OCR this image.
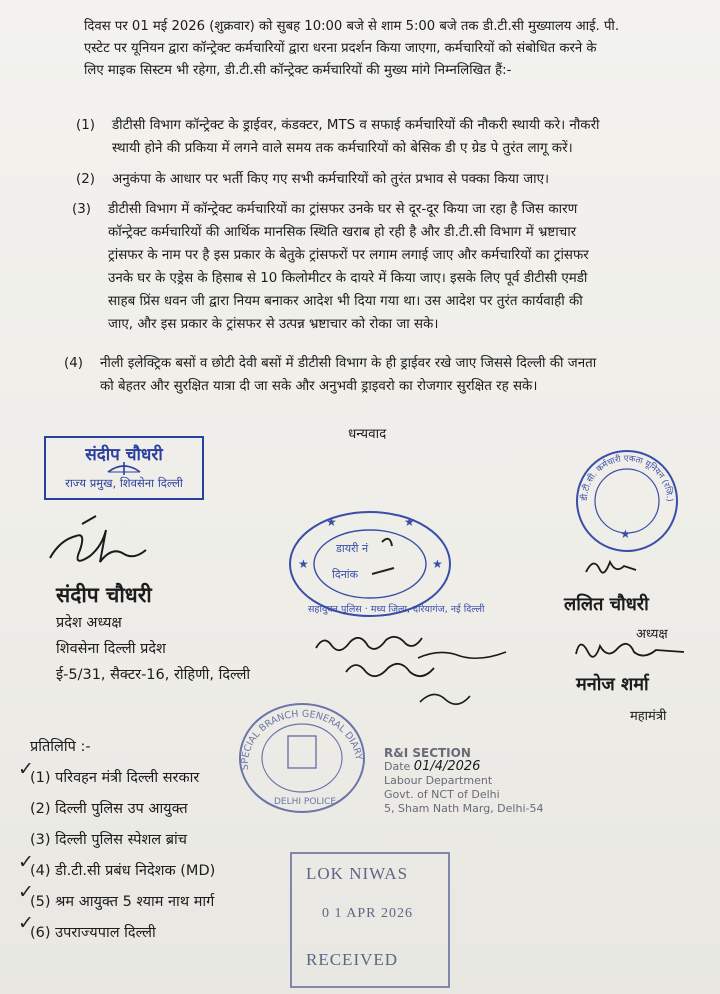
दिवस पर 01 मई 2026 (शुक्रवार) को सुबह 10:00 बजे से शाम 5:00 बजे तक डी.टी.सी मुख्यालय आई. पी.
एस्टेट पर यूनियन द्वारा कॉन्ट्रेक्ट कर्मचारियों द्वारा धरना प्रदर्शन किया जाएगा, कर्मचारियों को संबोधित करने के
लिए माइक सिस्टम भी रहेगा, डी.टी.सी कॉन्ट्रेक्ट कर्मचारियों की मुख्य मांगे निम्नलिखित हैं:-
(1) डीटीसी विभाग कॉन्ट्रेक्ट के ड्राईवर, कंडक्टर, MTS व सफाई कर्मचारियों की नौकरी स्थायी करे। नौकरी
स्थायी होने की प्रकिया में लगने वाले समय तक कर्मचारियों को बेसिक डी ए ग्रेड पे तुरंत लागू करें।
(2) अनुकंपा के आधार पर भर्ती किए गए सभी कर्मचारियों को तुरंत प्रभाव से पक्का किया जाए।
(3) डीटीसी विभाग में कॉन्ट्रेक्ट कर्मचारियों का ट्रांसफर उनके घर से दूर-दूर किया जा रहा है जिस कारण
कॉन्ट्रेक्ट कर्मचारियों की आर्थिक मानसिक स्थिति खराब हो रही है और डी.टी.सी विभाग में भ्रष्टाचार
ट्रांसफर के नाम पर है इस प्रकार के बेतुके ट्रांसफरों पर लगाम लगाई जाए और कर्मचारियों का ट्रांसफर
उनके घर के एड्रेस के हिसाब से 10 किलोमीटर के दायरे में किया जाए। इसके लिए पूर्व डीटीसी एमडी
साहब प्रिंस धवन जी द्वारा नियम बनाकर आदेश भी दिया गया था। उस आदेश पर तुरंत कार्यवाही की
जाए, और इस प्रकार के ट्रांसफर से उत्पन्न भ्रष्टाचार को रोका जा सके।
(4) नीली इलेक्ट्रिक बसों व छोटी देवी बसों में डीटीसी विभाग के ही ड्राईवर रखे जाए जिससे दिल्ली की जनता
को बेहतर और सुरक्षित यात्रा दी जा सके और अनुभवी ड्राइवरो का रोजगार सुरक्षित रह सके।
धन्यवाद
संदीप चौधरी
राज्य प्रमुख, शिवसेना दिल्ली
संदीप चौधरी
प्रदेश अध्यक्ष
शिवसेना दिल्ली प्रदेश
ई-5/31, सैक्टर-16, रोहिणी, दिल्ली
★	★
★	★
डायरी नं
दिनांक
सहायुक्त पुलिस · मध्य जिला, दरियागंज, नई दिल्ली
डी.टी.सी. कर्मचारी एकता यूनियन (रजि.)
★
ललित चौधरी
अध्यक्ष
मनोज शर्मा
महामंत्री
प्रतिलिपि :-
(1) परिवहन मंत्री दिल्ली सरकार
(2) दिल्ली पुलिस उप आयुक्त
(3) दिल्ली पुलिस स्पेशल ब्रांच
(4) डी.टी.सी प्रबंध निदेशक (MD)
(5) श्रम आयुक्त 5 श्याम नाथ मार्ग
(6) उपराज्यपाल दिल्ली
✓
✓
✓
✓
SPECIAL BRANCH GENERAL DIARY
DELHI POLICE
R&I SECTION
Date 01/4/2026
Labour Department
Govt. of NCT of Delhi
5, Sham Nath Marg, Delhi-54
LOK NIWAS
0 1 APR 2026
RECEIVED
